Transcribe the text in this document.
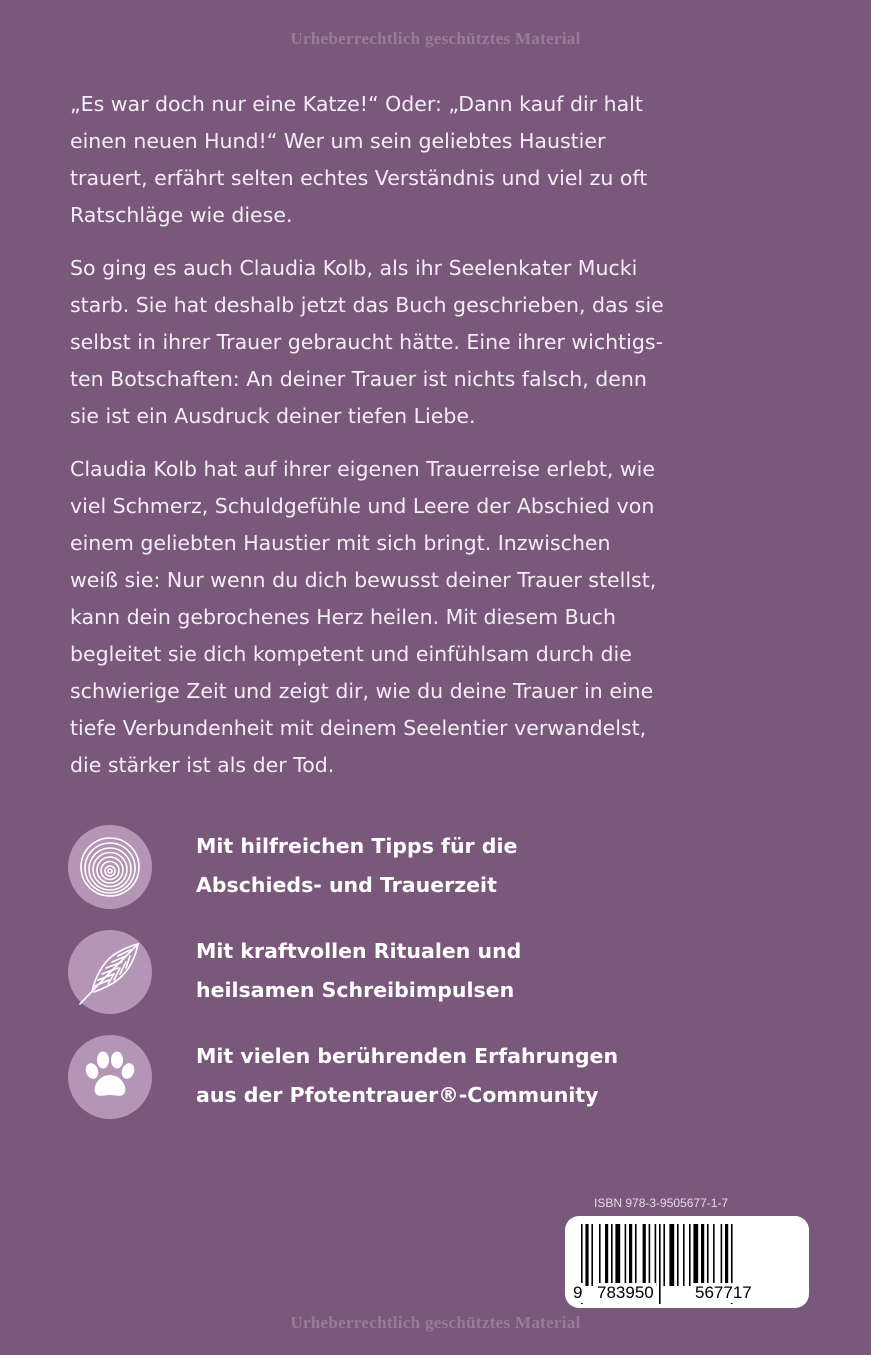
Urheberrechtlich geschütztes Material

„Es war doch nur eine Katze!“ Oder: „Dann kauf dir halt
einen neuen Hund!“ Wer um sein geliebtes Haustier
trauert, erfährt selten echtes Verständnis und viel zu oft
Ratschläge wie diese.

So ging es auch Claudia Kolb, als ihr Seelenkater Mucki
starb. Sie hat deshalb jetzt das Buch geschrieben, das sie
selbst in ihrer Trauer gebraucht hätte. Eine ihrer wichtigs-
ten Botschaften: An deiner Trauer ist nichts falsch, denn
sie ist ein Ausdruck deiner tiefen Liebe.

Claudia Kolb hat auf ihrer eigenen Trauerreise erlebt, wie
viel Schmerz, Schuldgefühle und Leere der Abschied von
einem geliebten Haustier mit sich bringt. Inzwischen
weiß sie: Nur wenn du dich bewusst deiner Trauer stellst,
kann dein gebrochenes Herz heilen. Mit diesem Buch
begleitet sie dich kompetent und einfühlsam durch die
schwierige Zeit und zeigt dir, wie du deine Trauer in eine
tiefe Verbundenheit mit deinem Seelentier verwandelst,
die stärker ist als der Tod.

Mit hilfreichen Tipps für die
Abschieds- und Trauerzeit
Mit kraftvollen Ritualen und
heilsamen Schreibimpulsen
Mit vielen berührenden Erfahrungen
aus der Pfotentrauer®-Community
ISBN 978-3-9505677-1-7
9 783950 567717
Urheberrechtlich geschütztes Material
